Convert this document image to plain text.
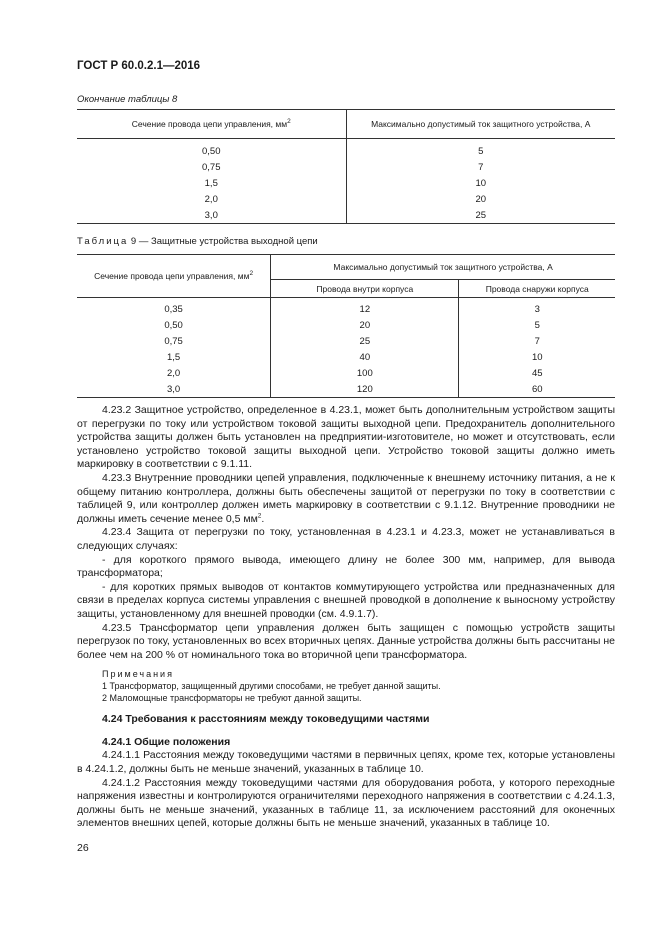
ГОСТ Р 60.0.2.1—2016
Окончание таблицы 8
Сечение провода цепи управления, $мм^2$	Максимально допустимый ток защитного устройства, А
0,50	5
0,75	7
1,5	10
2,0	20
3,0	25
Таблица 9 — Защитные устройства выходной цепи
Сечение провода цепи управления, $мм^2$	Максимально допустимый ток защитного устройства, А	
	Провода внутри корпуса	Провода снаружи корпуса
0,35	12	3
0,50	20	5
0,75	25	7
1,5	40	10
2,0	100	45
3,0	120	60

4.23.2 Защитное устройство, определенное в 4.23.1, может быть дополнительным устройством защиты от перегрузки по току или устройством токовой защиты выходной цепи. Предохранитель дополнительного устройства защиты должен быть установлен на предприятии-изготовителе, но может и отсутствовать, если установлено устройство токовой защиты выходной цепи. Устройство токовой защиты должно иметь маркировку в соответствии с 9.1.11.

4.23.3 Внутренние проводники цепей управления, подключенные к внешнему источнику питания, а не к общему питанию контроллера, должны быть обеспечены защитой от перегрузки по току в соответствии с таблицей 9, или контроллер должен иметь маркировку в соответствии с 9.1.12. Внутренние проводники не должны иметь сечение менее 0,5 $мм^2$.

4.23.4 Защита от перегрузки по току, установленная в 4.23.1 и 4.23.3, может не устанавливаться в следующих случаях:

- для короткого прямого вывода, имеющего длину не более 300 мм, например, для вывода трансформатора;

- для коротких прямых выводов от контактов коммутирующего устройства или предназначенных для связи в пределах корпуса системы управления с внешней проводкой в дополнение к выносному устройству защиты, установленному для внешней проводки (см. 4.9.1.7).

4.23.5 Трансформатор цепи управления должен быть защищен с помощью устройств защиты перегрузок по току, установленных во всех вторичных цепях. Данные устройства должны быть рассчитаны не более чем на 200 % от номинального тока во вторичной цепи трансформатора.

Примечания

1 Трансформатор, защищенный другими способами, не требует данной защиты.

2 Маломощные трансформаторы не требуют данной защиты.

4.24 Требования к расстояниям между токоведущими частями

4.24.1 Общие положения

4.24.1.1 Расстояния между токоведущими частями в первичных цепях, кроме тех, которые установлены в 4.24.1.2, должны быть не меньше значений, указанных в таблице 10.

4.24.1.2 Расстояния между токоведущими частями для оборудования робота, у которого переходные напряжения известны и контролируются ограничителями переходного напряжения в соответствии с 4.24.1.3, должны быть не меньше значений, указанных в таблице 11, за исключением расстояний для оконечных элементов внешних цепей, которые должны быть не меньше значений, указанных в таблице 10.

26
